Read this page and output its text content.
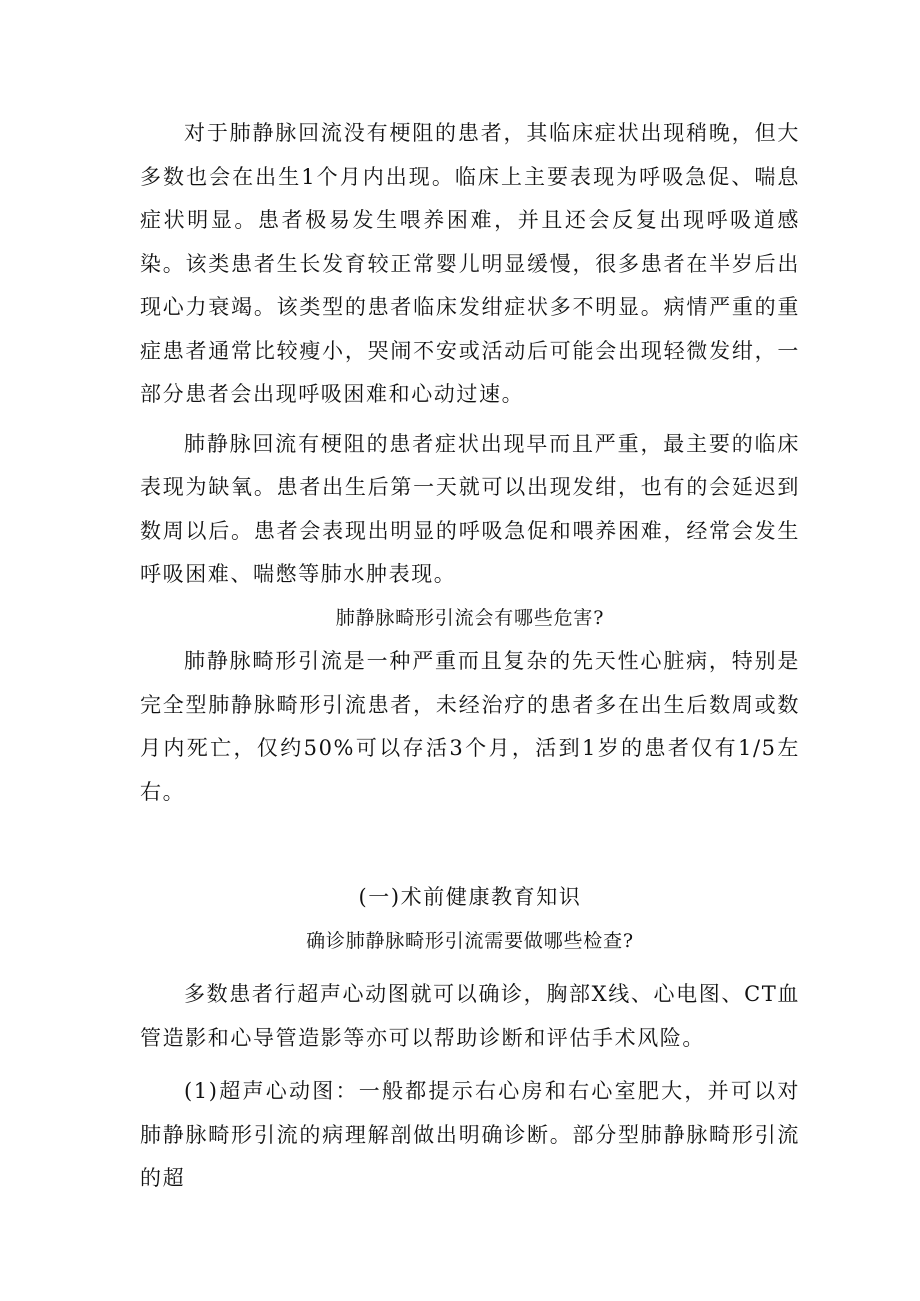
对于肺静脉回流没有梗阻的患者，其临床症状出现稍晚，但大多数也会在出生1个月内出现。临床上主要表现为呼吸急促、喘息症状明显。患者极易发生喂养困难，并且还会反复出现呼吸道感染。该类患者生长发育较正常婴儿明显缓慢，很多患者在半岁后出现心力衰竭。该类型的患者临床发绀症状多不明显。病情严重的重症患者通常比较瘦小，哭闹不安或活动后可能会出现轻微发绀，一部分患者会出现呼吸困难和心动过速。

肺静脉回流有梗阻的患者症状出现早而且严重，最主要的临床表现为缺氧。患者出生后第一天就可以出现发绀，也有的会延迟到数周以后。患者会表现出明显的呼吸急促和喂养困难，经常会发生呼吸困难、喘憋等肺水肿表现。

肺静脉畸形引流会有哪些危害?

肺静脉畸形引流是一种严重而且复杂的先天性心脏病，特别是完全型肺静脉畸形引流患者，未经治疗的患者多在出生后数周或数月内死亡，仅约50%可以存活3个月，活到1岁的患者仅有1/5左右。

(一)术前健康教育知识

确诊肺静脉畸形引流需要做哪些检查?

多数患者行超声心动图就可以确诊，胸部X线、心电图、CT血管造影和心导管造影等亦可以帮助诊断和评估手术风险。

(1)超声心动图：一般都提示右心房和右心室肥大，并可以对肺静脉畸形引流的病理解剖做出明确诊断。部分型肺静脉畸形引流的超
